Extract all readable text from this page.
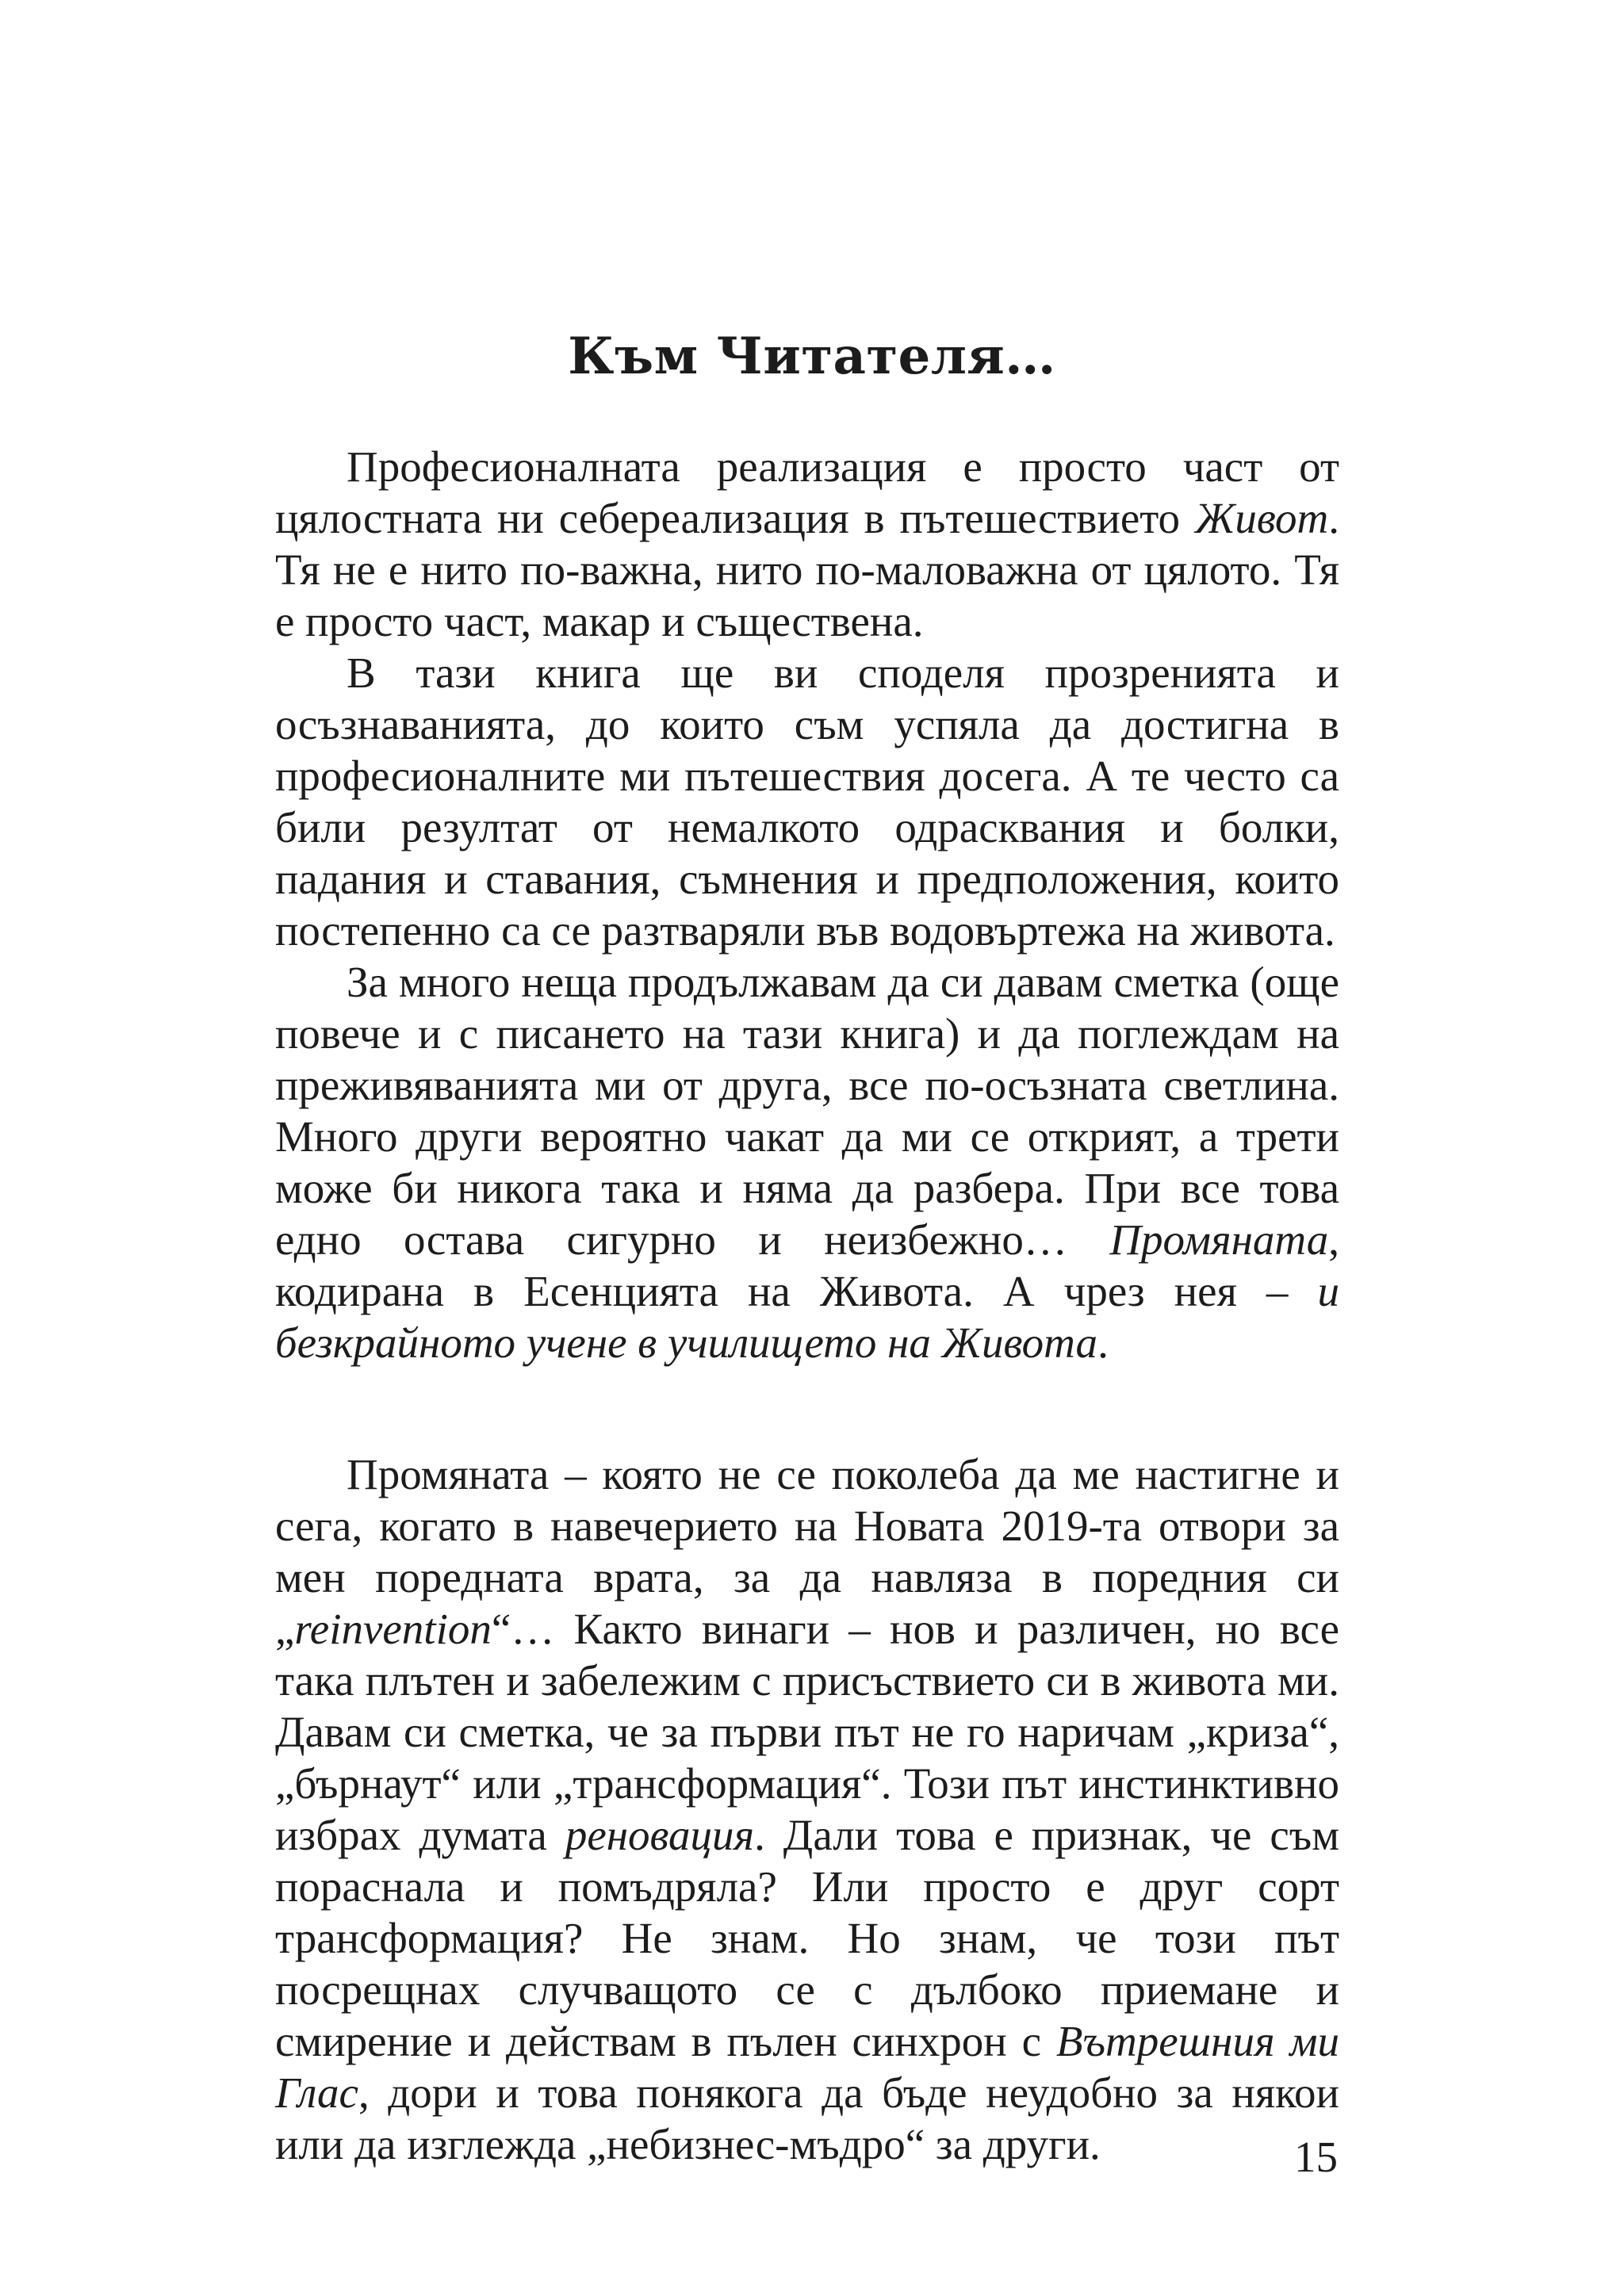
Към Читателя…

Професионалната реализация е просто част от цялостната ни себереализация в пътешествието Живот. Тя не е нито по-важна, нито по-маловажна от цялото. Тя е просто част, макар и съществена.

В тази книга ще ви споделя прозренията и осъзнаванията, до които съм успяла да достигна в професионалните ми пътешествия досега. А те често са били резултат от немалкото одрасквания и болки, падания и ставания, съмнения и предположения, които постепенно са се разтваряли във водовъртежа на живота.

За много неща продължавам да си давам сметка (още повече и с писането на тази книга) и да поглеждам на преживяванията ми от друга, все по-осъзната светлина. Много други вероятно чакат да ми се открият, а трети може би никога така и няма да разбера. При все това едно остава сигурно и неизбежно… Промяната, кодирана в Есенцията на Живота. А чрез нея – и безкрайното учене в училището на Живота.

Промяната – която не се поколеба да ме настигне и сега, когато в навечерието на Новата 2019-та отвори за мен поредната врата, за да навляза в поредния си „reinvention“… Както винаги – нов и различен, но все така плътен и забележим с присъствието си в живота ми. Давам си сметка, че за първи път не го наричам „криза“, „бърнаут“ или „трансформация“. Този път инстинктивно избрах думата реновация. Дали това е признак, че съм пораснала и помъдряла? Или просто е друг сорт трансформация? Не знам. Но знам, че този път посрещнах случващото се с дълбоко приемане и смирение и действам в пълен синхрон с Вътрешния ми Глас, дори и това понякога да бъде неудобно за някои или да изглежда „небизнес-мъдро“ за други.	15
